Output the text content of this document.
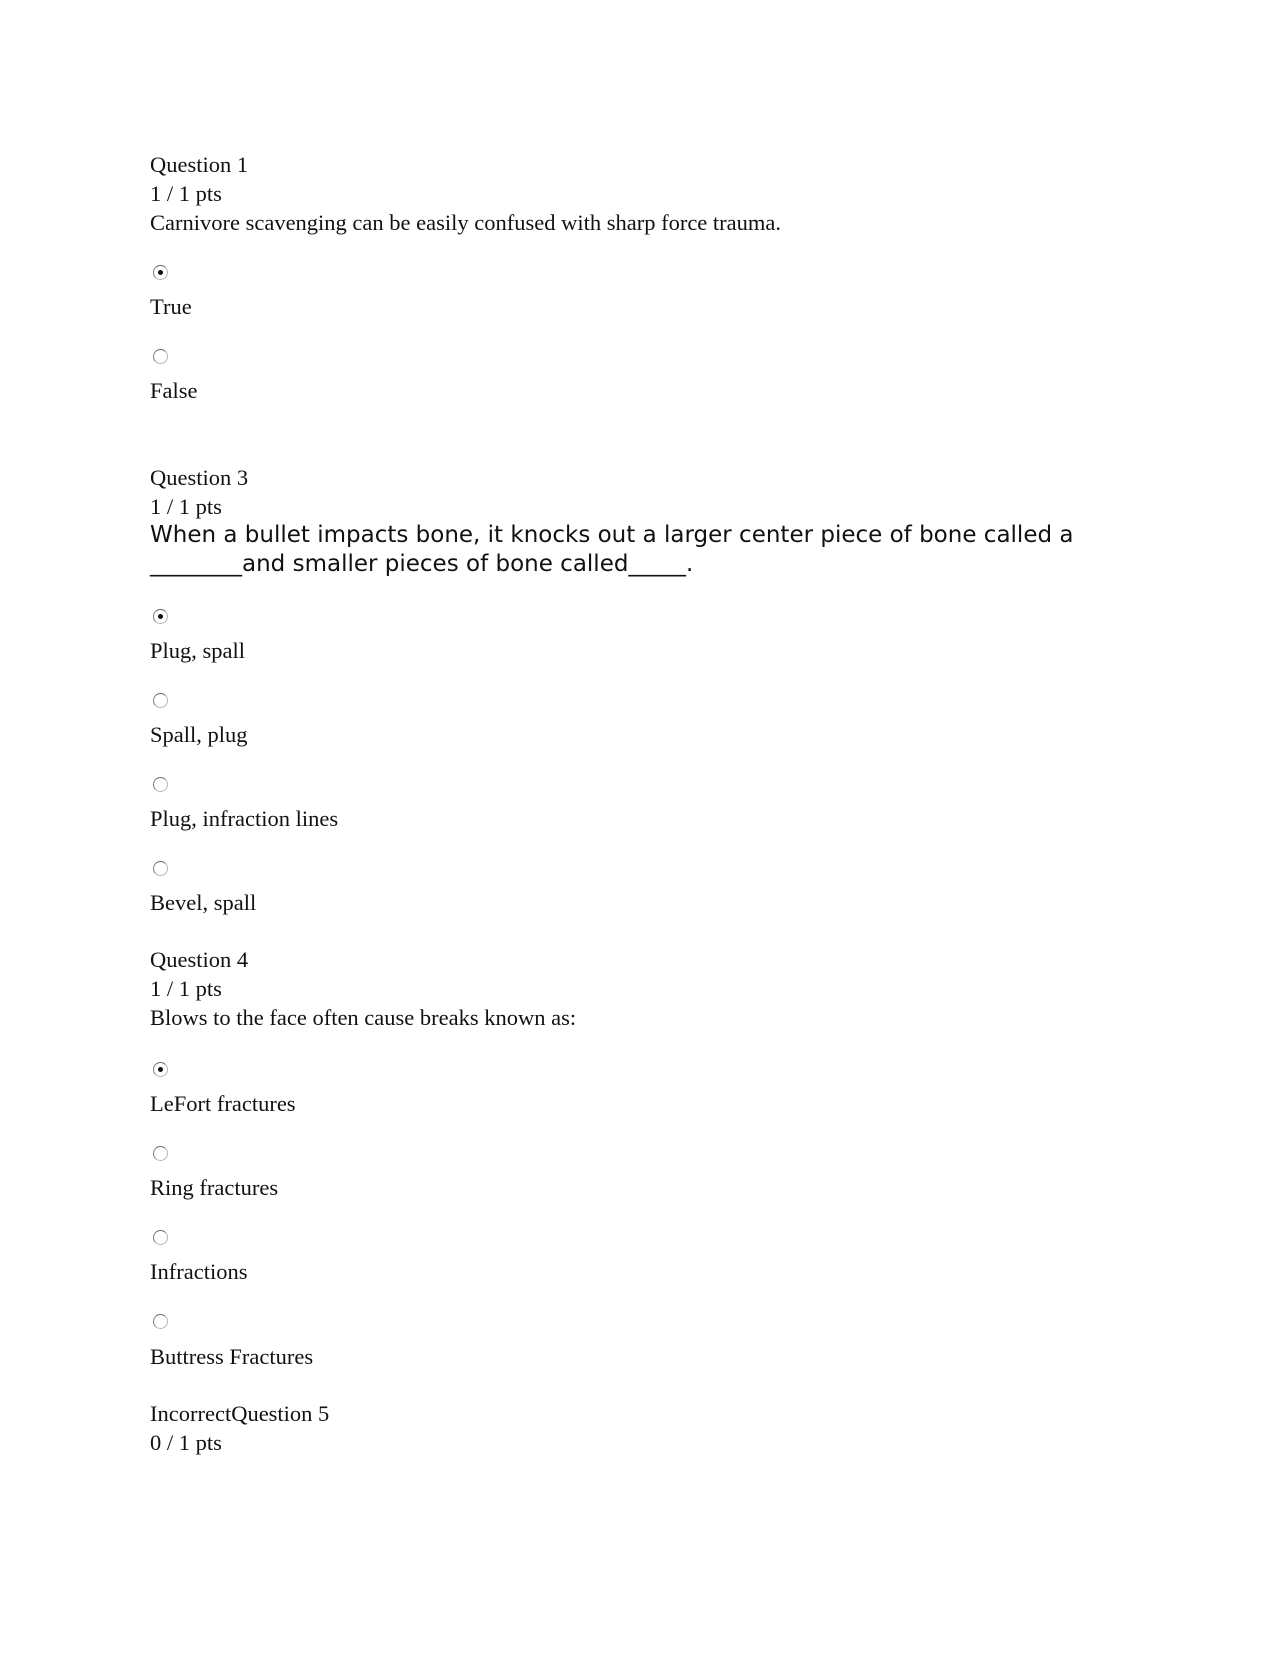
Question 1
1 / 1 pts
Carnivore scavenging can be easily confused with sharp force trauma.
True
False
Question 3
1 / 1 pts
When a bullet impacts bone, it knocks out a larger center piece of bone called a ________and smaller pieces of bone called_____.
Plug, spall
Spall, plug
Plug, infraction lines
Bevel, spall
Question 4
1 / 1 pts
Blows to the face often cause breaks known as:
LeFort fractures
Ring fractures
Infractions
Buttress Fractures
IncorrectQuestion 5
0 / 1 pts
